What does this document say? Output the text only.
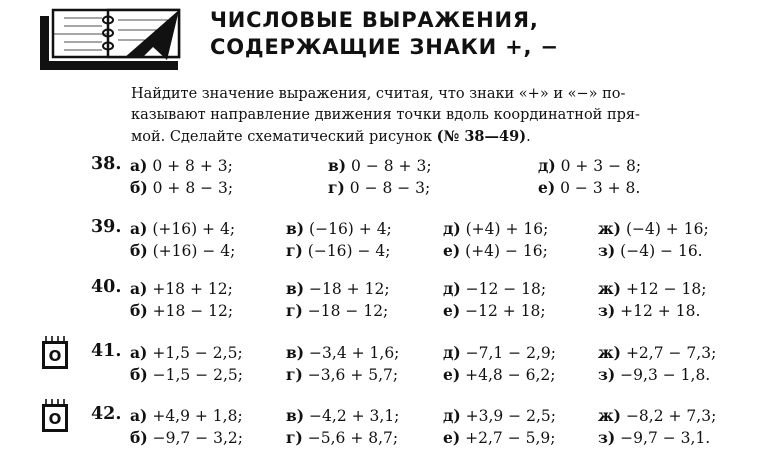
ЧИСЛОВЫЕ ВЫРАЖЕНИЯ,
СОДЕРЖАЩИЕ ЗНАКИ +, −
Найдите значение выражения, считая, что знаки «+» и «−» по-
казывают направление движения точки вдоль координатной пря-
мой. Сделайте схематический рисунок (№ 38—49).
О
О
38. а) 0 + 8 + 3;	в) 0 − 8 + 3;	д) 0 + 3 − 8;
б) 0 + 8 − 3;	г) 0 − 8 − 3;	е) 0 − 3 + 8.
39. а) (+16) + 4;	в) (−16) + 4;	д) (+4) + 16;	ж) (−4) + 16;
б) (+16) − 4;	г) (−16) − 4;	е) (+4) − 16;	з) (−4) − 16.
40. а) +18 + 12;	в) −18 + 12;	д) −12 − 18;	ж) +12 − 18;
б) +18 − 12;	г) −18 − 12;	е) −12 + 18;	з) +12 + 18.
41. а) +1,5 − 2,5;	в) −3,4 + 1,6;	д) −7,1 − 2,9;	ж) +2,7 − 7,3;
б) −1,5 − 2,5;	г) −3,6 + 5,7;	е) +4,8 − 6,2;	з) −9,3 − 1,8.
42. а) +4,9 + 1,8;	в) −4,2 + 3,1;	д) +3,9 − 2,5;	ж) −8,2 + 7,3;
б) −9,7 − 3,2;	г) −5,6 + 8,7;	е) +2,7 − 5,9;	з) −9,7 − 3,1.
